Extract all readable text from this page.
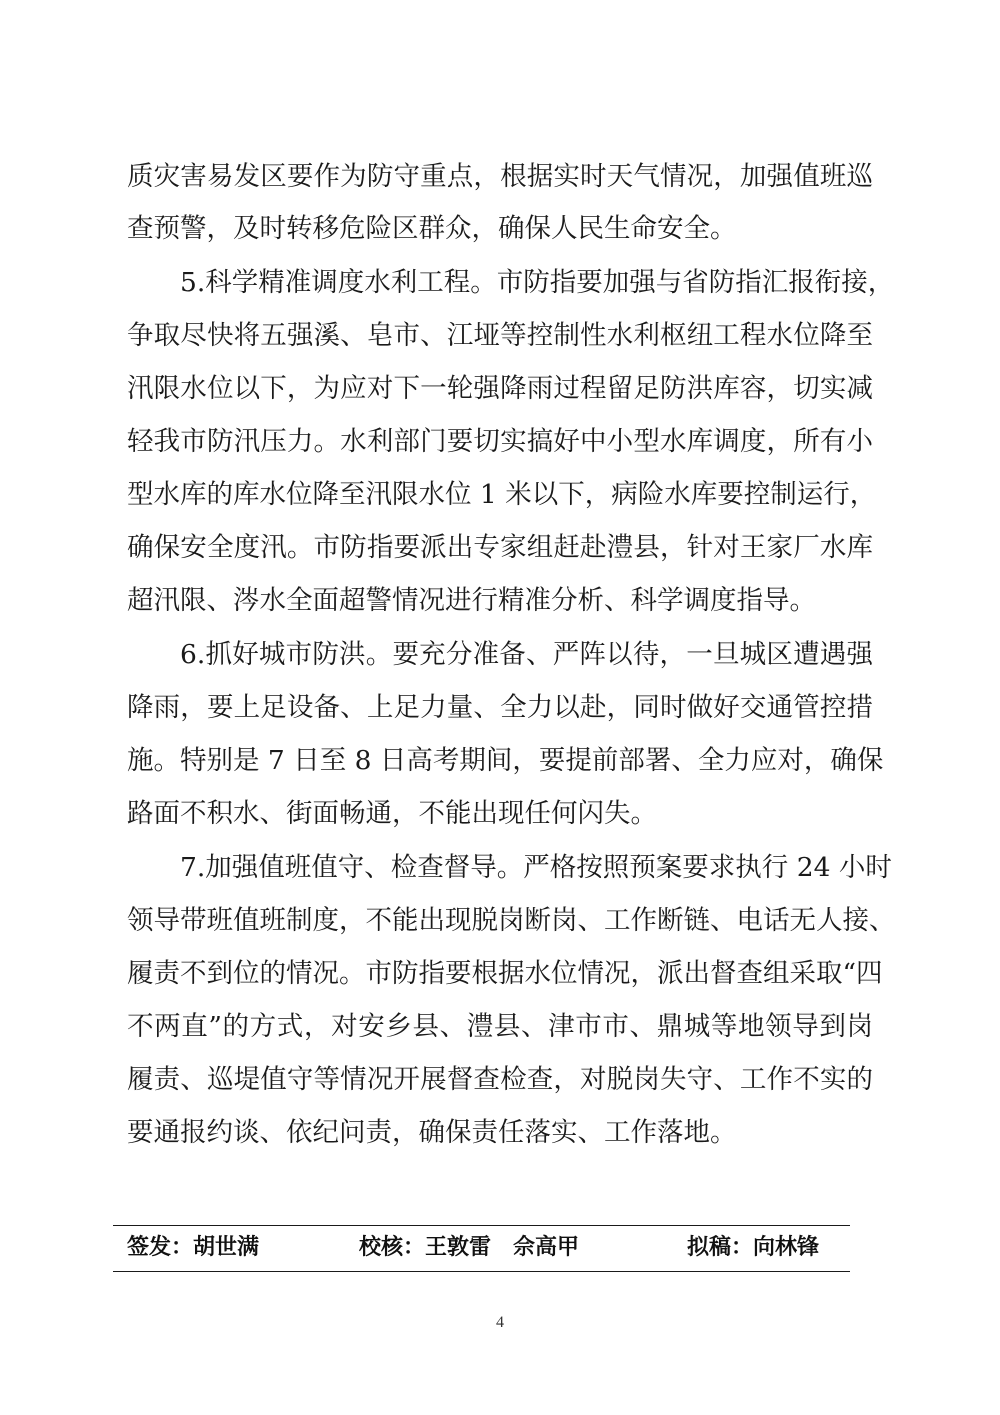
质灾害易发区要作为防守重点，根据实时天气情况，加强值班巡
查预警，及时转移危险区群众，确保人民生命安全。
5.科学精准调度水利工程。市防指要加强与省防指汇报衔接，
争取尽快将五强溪、皂市、江垭等控制性水利枢纽工程水位降至
汛限水位以下，为应对下一轮强降雨过程留足防洪库容，切实减
轻我市防汛压力。水利部门要切实搞好中小型水库调度，所有小
型水库的库水位降至汛限水位 1 米以下，病险水库要控制运行，
确保安全度汛。市防指要派出专家组赶赴澧县，针对王家厂水库
超汛限、涔水全面超警情况进行精准分析、科学调度指导。
6.抓好城市防洪。要充分准备、严阵以待，一旦城区遭遇强
降雨，要上足设备、上足力量、全力以赴，同时做好交通管控措
施。特别是 7 日至 8 日高考期间，要提前部署、全力应对，确保
路面不积水、街面畅通，不能出现任何闪失。
7.加强值班值守、检查督导。严格按照预案要求执行 24 小时
领导带班值班制度，不能出现脱岗断岗、工作断链、电话无人接、
履责不到位的情况。市防指要根据水位情况，派出督查组采取“四
不两直”的方式，对安乡县、澧县、津市市、鼎城等地领导到岗
履责、巡堤值守等情况开展督查检查，对脱岗失守、工作不实的
要通报约谈、依纪问责，确保责任落实、工作落地。
签发：胡世满	校核：王敦雷　佘高甲	拟稿：向林锋
4
